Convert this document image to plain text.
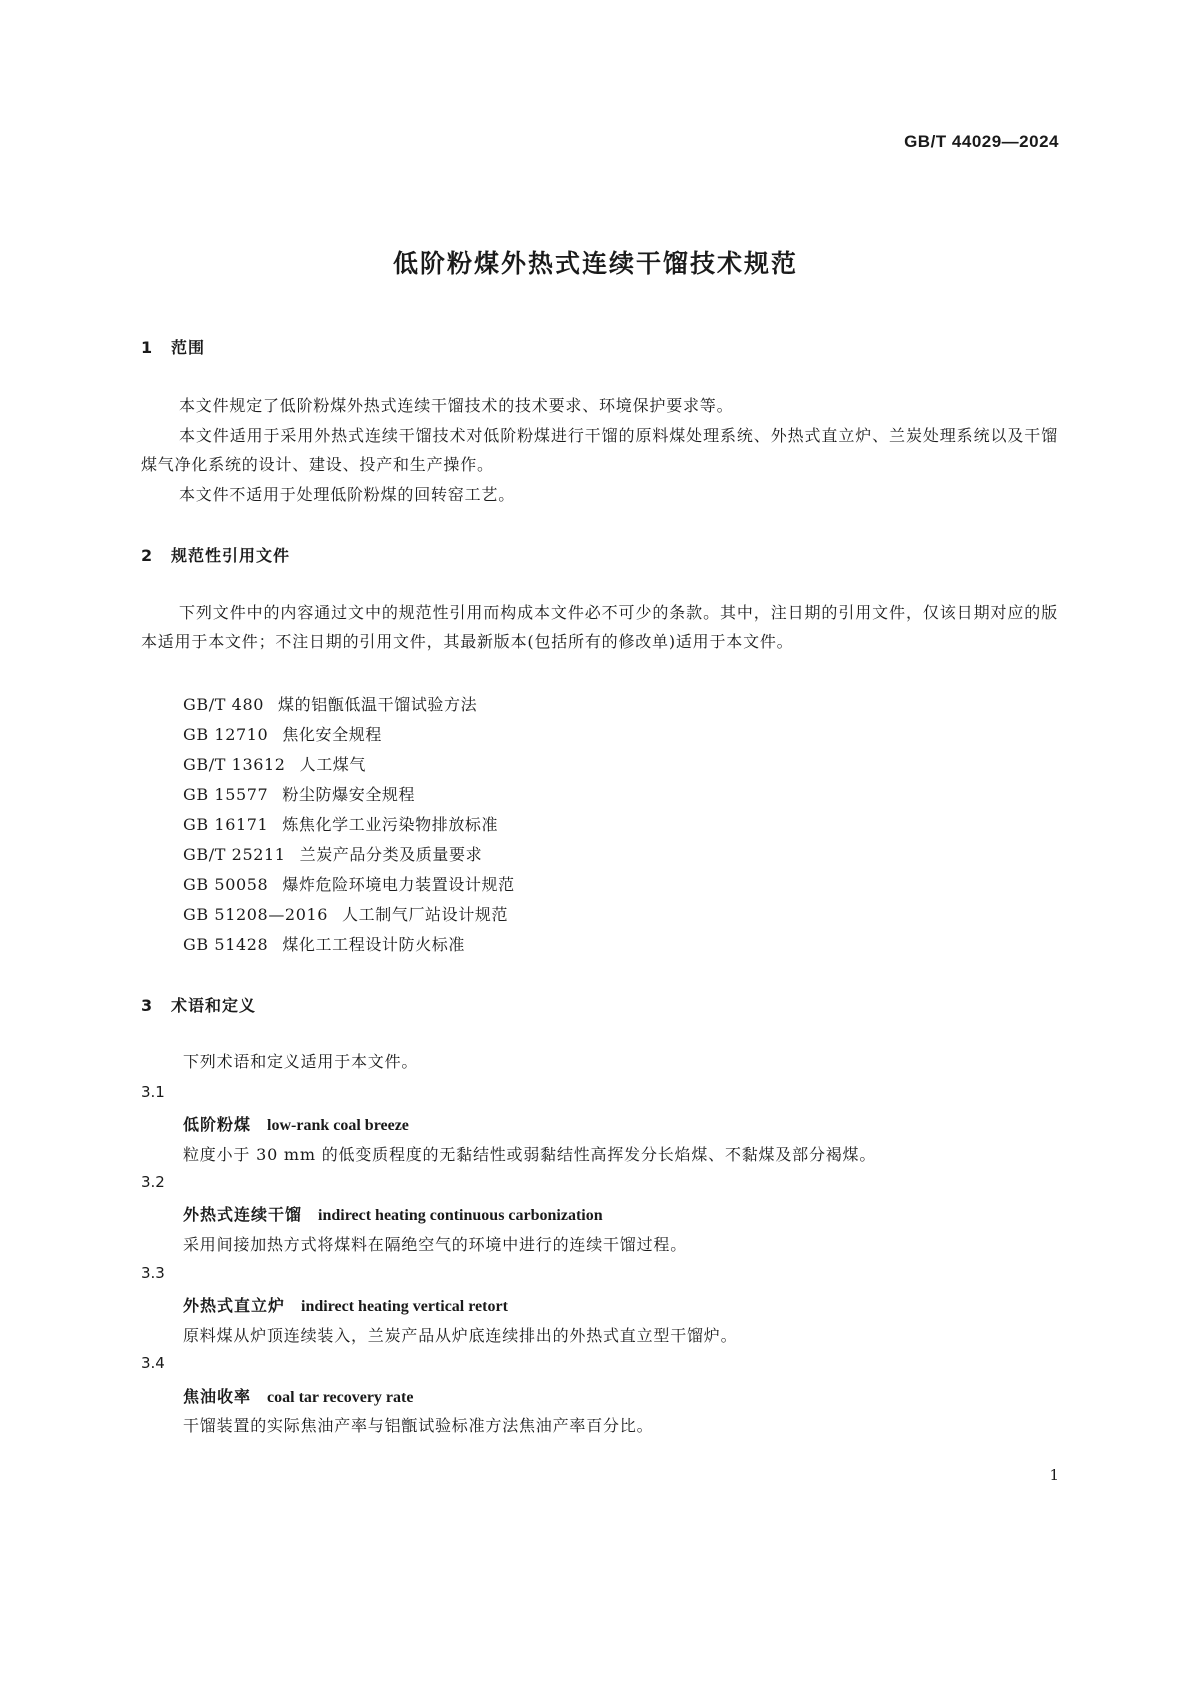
GB/T 44029—2024
低阶粉煤外热式连续干馏技术规范
1 范围
本文件规定了低阶粉煤外热式连续干馏技术的技术要求、环境保护要求等。
本文件适用于采用外热式连续干馏技术对低阶粉煤进行干馏的原料煤处理系统、外热式直立炉、兰炭处理系统以及干馏煤气净化系统的设计、建设、投产和生产操作。
本文件不适用于处理低阶粉煤的回转窑工艺。
2 规范性引用文件
下列文件中的内容通过文中的规范性引用而构成本文件必不可少的条款。其中，注日期的引用文件，仅该日期对应的版本适用于本文件；不注日期的引用文件，其最新版本(包括所有的修改单)适用于本文件。
GB/T 480 煤的铝甑低温干馏试验方法
GB 12710 焦化安全规程
GB/T 13612 人工煤气
GB 15577 粉尘防爆安全规程
GB 16171 炼焦化学工业污染物排放标准
GB/T 25211 兰炭产品分类及质量要求
GB 50058 爆炸危险环境电力装置设计规范
GB 51208—2016 人工制气厂站设计规范
GB 51428 煤化工工程设计防火标准
3 术语和定义
下列术语和定义适用于本文件。
3.1
低阶粉煤 low-rank coal breeze
粒度小于 30 mm 的低变质程度的无黏结性或弱黏结性高挥发分长焰煤、不黏煤及部分褐煤。
3.2
外热式连续干馏 indirect heating continuous carbonization
采用间接加热方式将煤料在隔绝空气的环境中进行的连续干馏过程。
3.3
外热式直立炉 indirect heating vertical retort
原料煤从炉顶连续装入，兰炭产品从炉底连续排出的外热式直立型干馏炉。
3.4
焦油收率 coal tar recovery rate
干馏装置的实际焦油产率与铝甑试验标准方法焦油产率百分比。
1
